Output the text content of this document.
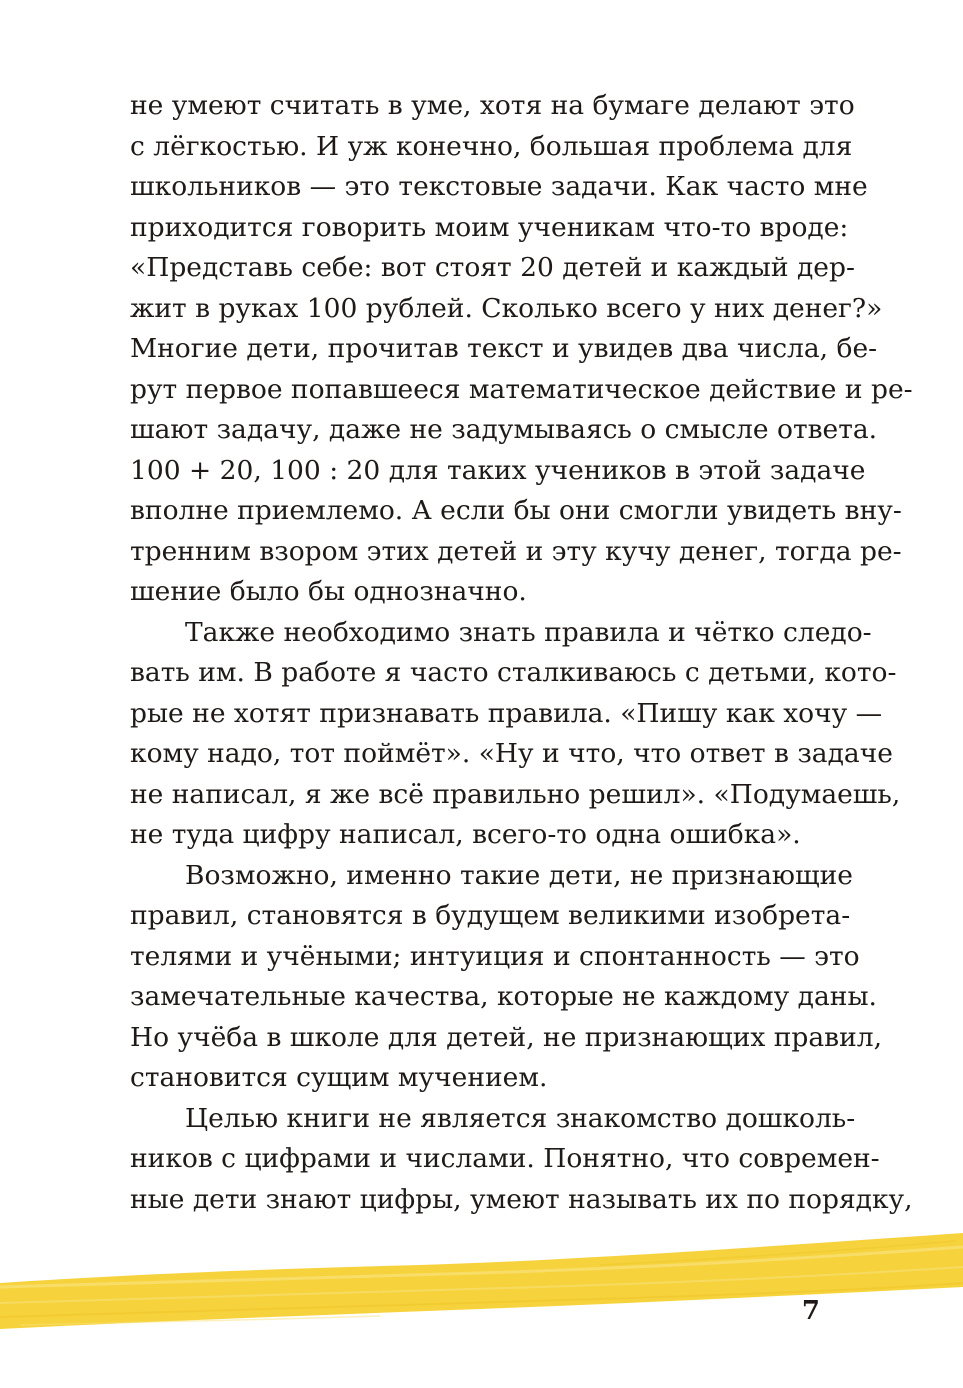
не умеют считать в уме, хотя на бумаге делают это
с лёгкостью. И уж конечно, большая проблема для
школьников — это текстовые задачи. Как часто мне
приходится говорить моим ученикам что-то вроде:
«Представь себе: вот стоят 20 детей и каждый дер-
жит в руках 100 рублей. Сколько всего у них денег?»
Многие дети, прочитав текст и увидев два числа, бе-
рут первое попавшееся математическое действие и ре-
шают задачу, даже не задумываясь о смысле ответа.
100 + 20, 100 : 20 для таких учеников в этой задаче
вполне приемлемо. А если бы они смогли увидеть вну-
тренним взором этих детей и эту кучу денег, тогда ре-
шение было бы однозначно.
Также необходимо знать правила и чётко следо-
вать им. В работе я часто сталкиваюсь с детьми, кото-
рые не хотят признавать правила. «Пишу как хочу —
кому надо, тот поймёт». «Ну и что, что ответ в задаче
не написал, я же всё правильно решил». «Подумаешь,
не туда цифру написал, всего-то одна ошибка».
Возможно, именно такие дети, не признающие
правил, становятся в будущем великими изобрета-
телями и учёными; интуиция и спонтанность — это
замечательные качества, которые не каждому даны.
Но учёба в школе для детей, не признающих правил,
становится сущим мучением.
Целью книги не является знакомство дошколь-
ников с цифрами и числами. Понятно, что современ-
ные дети знают цифры, умеют называть их по порядку,
7
